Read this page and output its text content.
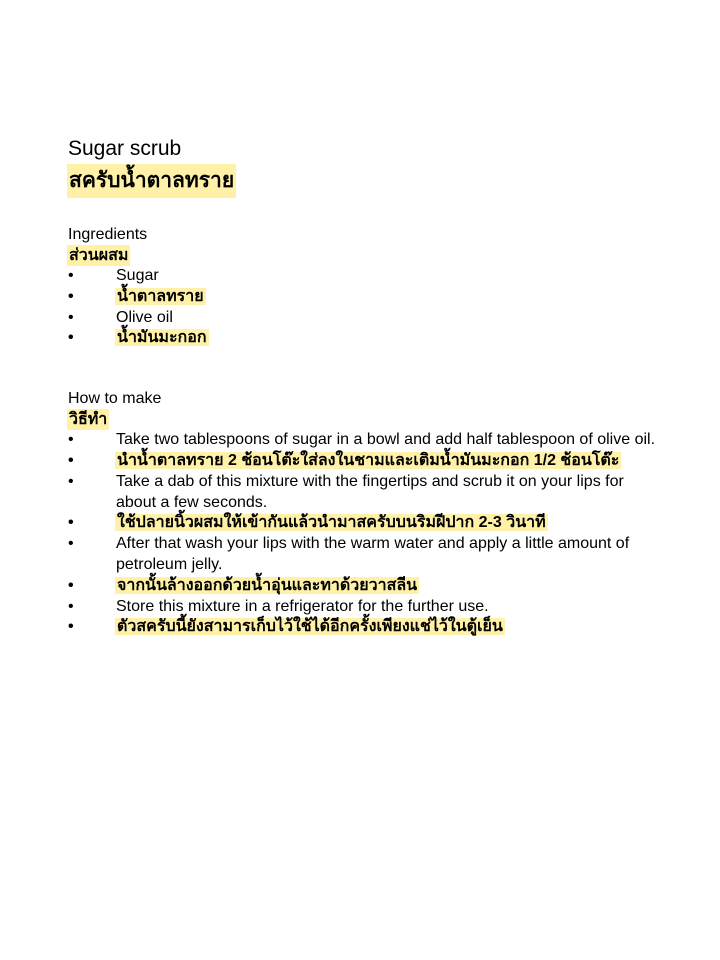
Sugar scrub
สครับน้ำตาลทราย
Ingredients
ส่วนผสม
•	Sugar
•	น้ำตาลทราย
•	Olive oil
•	น้ำมันมะกอก
How to make
วิธีทำ
•	Take two tablespoons of sugar in a bowl and add half tablespoon of olive oil.
•	นำน้ำตาลทราย 2 ช้อนโต๊ะใส่ลงในชามและเติมน้ำมันมะกอก 1/2 ช้อนโต๊ะ
•	Take a dab of this mixture with the fingertips and scrub it on your lips for about a few seconds.
•	ใช้ปลายนิ้วผสมให้เข้ากันแล้วนำมาสครับบนริมฝีปาก 2-3 วินาที
•	After that wash your lips with the warm water and apply a little amount of petroleum jelly.
•	จากนั้นล้างออกด้วยน้ำอุ่นและทาด้วยวาสลีน
•	Store this mixture in a refrigerator for the further use.
•	ตัวสครับนี้ยังสามารเก็บไว้ใช้ได้อีกครั้งเพียงแช่ไว้ในตู้เย็น
